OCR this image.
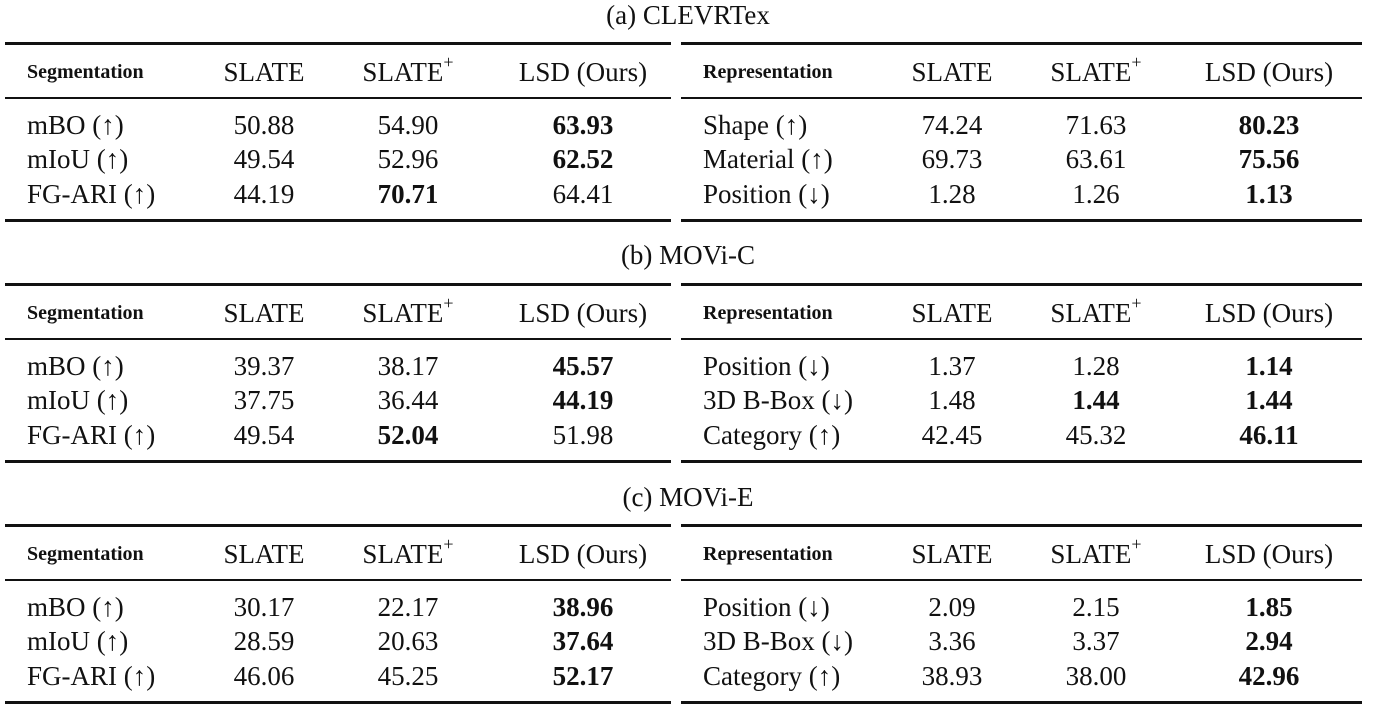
(a) CLEVRTex
Segmentation	SLATE	SLATE+	LSD (Ours)
mBO (↑)	50.88	54.90	63.93
mIoU (↑)	49.54	52.96	62.52
FG-ARI (↑)	44.19	70.71	64.41
Representation	SLATE	SLATE+	LSD (Ours)
Shape (↑)	74.24	71.63	80.23
Material (↑)	69.73	63.61	75.56
Position (↓)	1.28	1.26	1.13
(b) MOVi-C
Segmentation	SLATE	SLATE+	LSD (Ours)
mBO (↑)	39.37	38.17	45.57
mIoU (↑)	37.75	36.44	44.19
FG-ARI (↑)	49.54	52.04	51.98
Representation	SLATE	SLATE+	LSD (Ours)
Position (↓)	1.37	1.28	1.14
3D B-Box (↓)	1.48	1.44	1.44
Category (↑)	42.45	45.32	46.11
(c) MOVi-E
Segmentation	SLATE	SLATE+	LSD (Ours)
mBO (↑)	30.17	22.17	38.96
mIoU (↑)	28.59	20.63	37.64
FG-ARI (↑)	46.06	45.25	52.17
Representation	SLATE	SLATE+	LSD (Ours)
Position (↓)	2.09	2.15	1.85
3D B-Box (↓)	3.36	3.37	2.94
Category (↑)	38.93	38.00	42.96
